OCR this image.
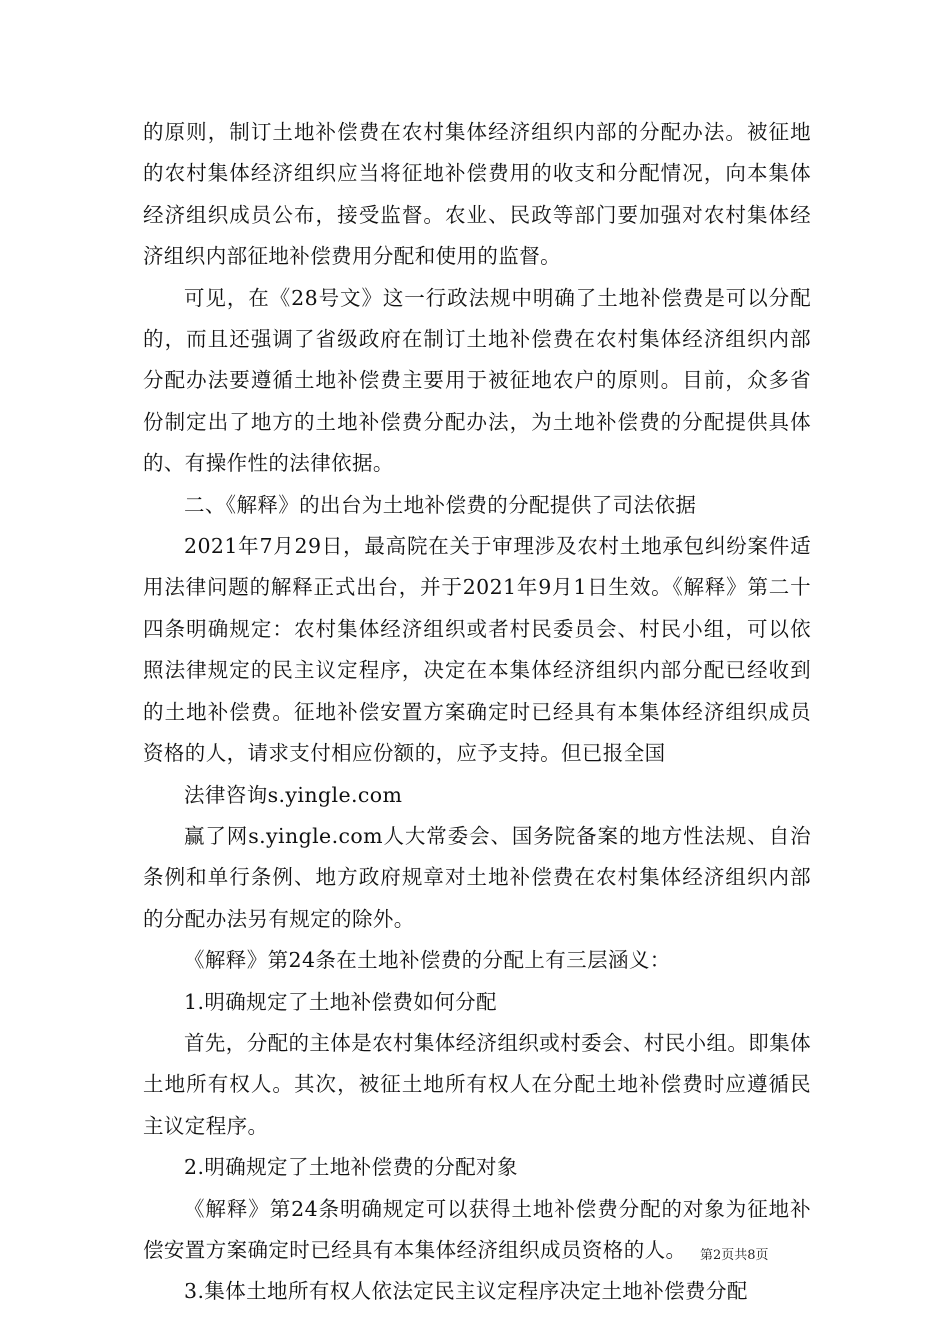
的原则，制订土地补偿费在农村集体经济组织内部的分配办法。被征地的农村集体经济组织应当将征地补偿费用的收支和分配情况，向本集体经济组织成员公布，接受监督。农业、民政等部门要加强对农村集体经济组织内部征地补偿费用分配和使用的监督。

可见，在《28号文》这一行政法规中明确了土地补偿费是可以分配的，而且还强调了省级政府在制订土地补偿费在农村集体经济组织内部分配办法要遵循土地补偿费主要用于被征地农户的原则。目前，众多省份制定出了地方的土地补偿费分配办法，为土地补偿费的分配提供具体的、有操作性的法律依据。

二、《解释》的出台为土地补偿费的分配提供了司法依据

2021年7月29日，最高院在关于审理涉及农村土地承包纠纷案件适用法律问题的解释正式出台，并于2021年9月1日生效。《解释》第二十四条明确规定：农村集体经济组织或者村民委员会、村民小组，可以依照法律规定的民主议定程序，决定在本集体经济组织内部分配已经收到的土地补偿费。征地补偿安置方案确定时已经具有本集体经济组织成员资格的人，请求支付相应份额的，应予支持。但已报全国

法律咨询s.yingle.com

赢了网s.yingle.com人大常委会、国务院备案的地方性法规、自治条例和单行条例、地方政府规章对土地补偿费在农村集体经济组织内部的分配办法另有规定的除外。

《解释》第24条在土地补偿费的分配上有三层涵义：

1.明确规定了土地补偿费如何分配

首先，分配的主体是农村集体经济组织或村委会、村民小组。即集体土地所有权人。其次，被征土地所有权人在分配土地补偿费时应遵循民主议定程序。

2.明确规定了土地补偿费的分配对象

《解释》第24条明确规定可以获得土地补偿费分配的对象为征地补偿安置方案确定时已经具有本集体经济组织成员资格的人。

3.集体土地所有权人依法定民主议定程序决定土地补偿费分配

第2页共8页
